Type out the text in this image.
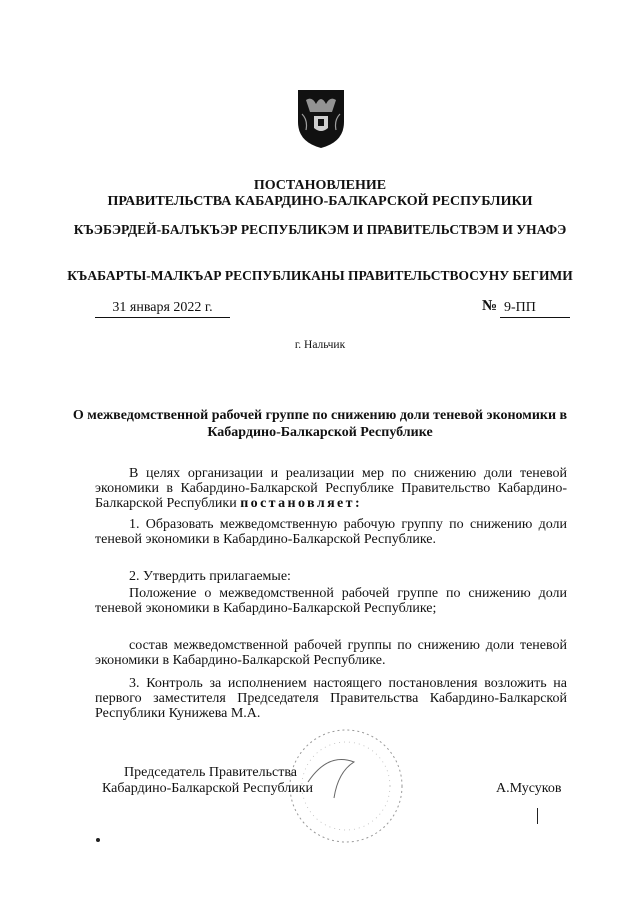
ПОСТАНОВЛЕНИЕ
ПРАВИТЕЛЬСТВА КАБАРДИНО-БАЛКАРСКОЙ РЕСПУБЛИКИ
КЪЭБЭРДЕЙ-БАЛЪКЪЭР РЕСПУБЛИКЭМ И ПРАВИТЕЛЬСТВЭМ И УНАФЭ
КЪАБАРТЫ-МАЛКЪАР РЕСПУБЛИКАНЫ ПРАВИТЕЛЬСТВОСУНУ БЕГИМИ
31 января 2022 г.	№ 9-ПП
г. Нальчик
О межведомственной рабочей группе по снижению доли теневой экономики в Кабардино-Балкарской Республике
В целях организации и реализации мер по снижению доли теневой экономики в Кабардино-Балкарской Республике Правительство Кабардино-Балкарской Республики постановляет:
1. Образовать межведомственную рабочую группу по снижению доли теневой экономики в Кабардино-Балкарской Республике.
2. Утвердить прилагаемые:
Положение о межведомственной рабочей группе по снижению доли теневой экономики в Кабардино-Балкарской Республике;
состав межведомственной рабочей группы по снижению доли теневой экономики в Кабардино-Балкарской Республике.
3. Контроль за исполнением настоящего постановления возложить на первого заместителя Председателя Правительства Кабардино-Балкарской Республики Кунижева М.А.
Председатель Правительства
Кабардино-Балкарской Республики	А.Мусуков
